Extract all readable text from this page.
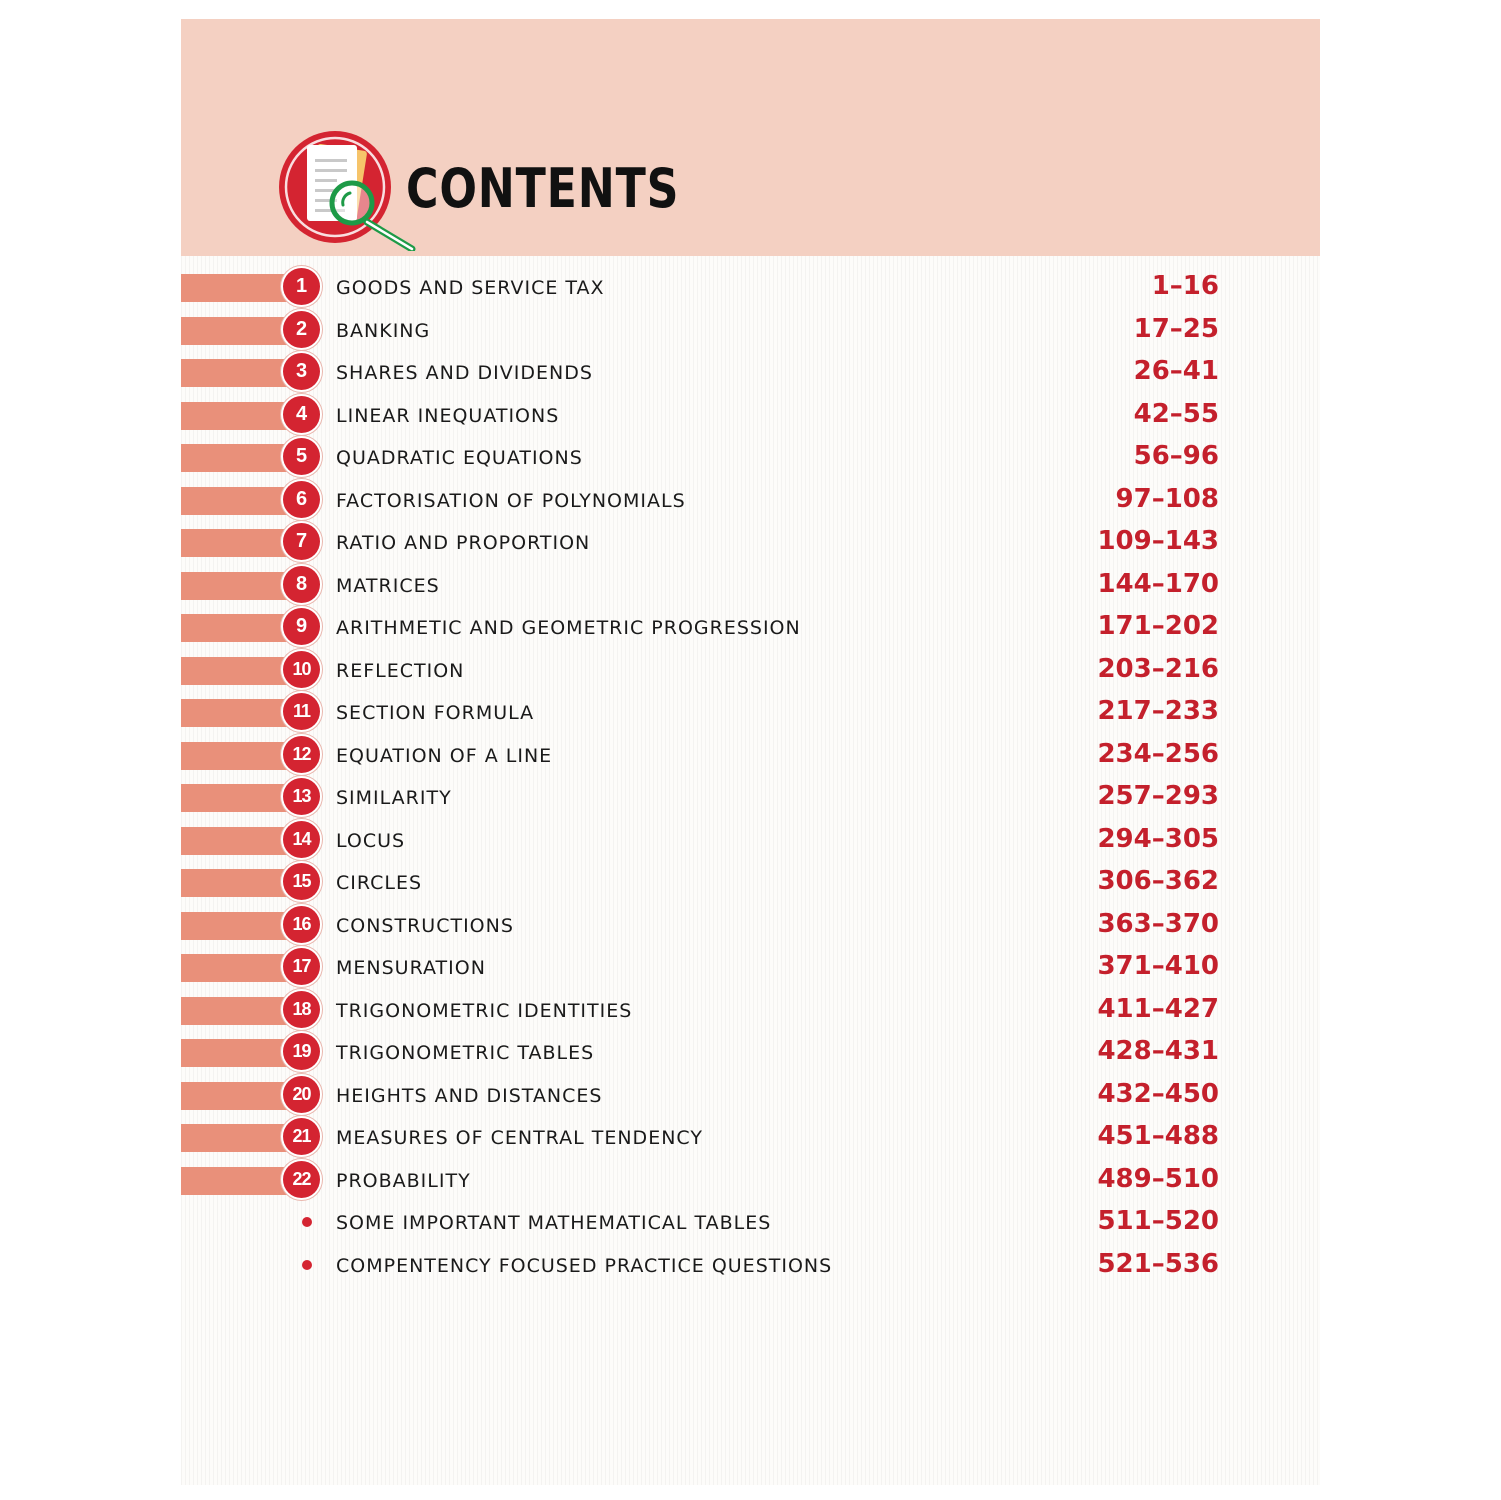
CONTENTS
1	GOODS AND SERVICE TAX	1–16
2	BANKING	17–25
3	SHARES AND DIVIDENDS	26–41
4	LINEAR INEQUATIONS	42–55
5	QUADRATIC EQUATIONS	56–96
6	FACTORISATION OF POLYNOMIALS	97–108
7	RATIO AND PROPORTION	109–143
8	MATRICES	144–170
9	ARITHMETIC AND GEOMETRIC PROGRESSION	171–202
10	REFLECTION	203–216
11	SECTION FORMULA	217–233
12	EQUATION OF A LINE	234–256
13	SIMILARITY	257–293
14	LOCUS	294–305
15	CIRCLES	306–362
16	CONSTRUCTIONS	363–370
17	MENSURATION	371–410
18	TRIGONOMETRIC IDENTITIES	411–427
19	TRIGONOMETRIC TABLES	428–431
20	HEIGHTS AND DISTANCES	432–450
21	MEASURES OF CENTRAL TENDENCY	451–488
22	PROBABILITY	489–510
SOME IMPORTANT MATHEMATICAL TABLES	511–520
COMPENTENCY FOCUSED PRACTICE QUESTIONS	521–536
